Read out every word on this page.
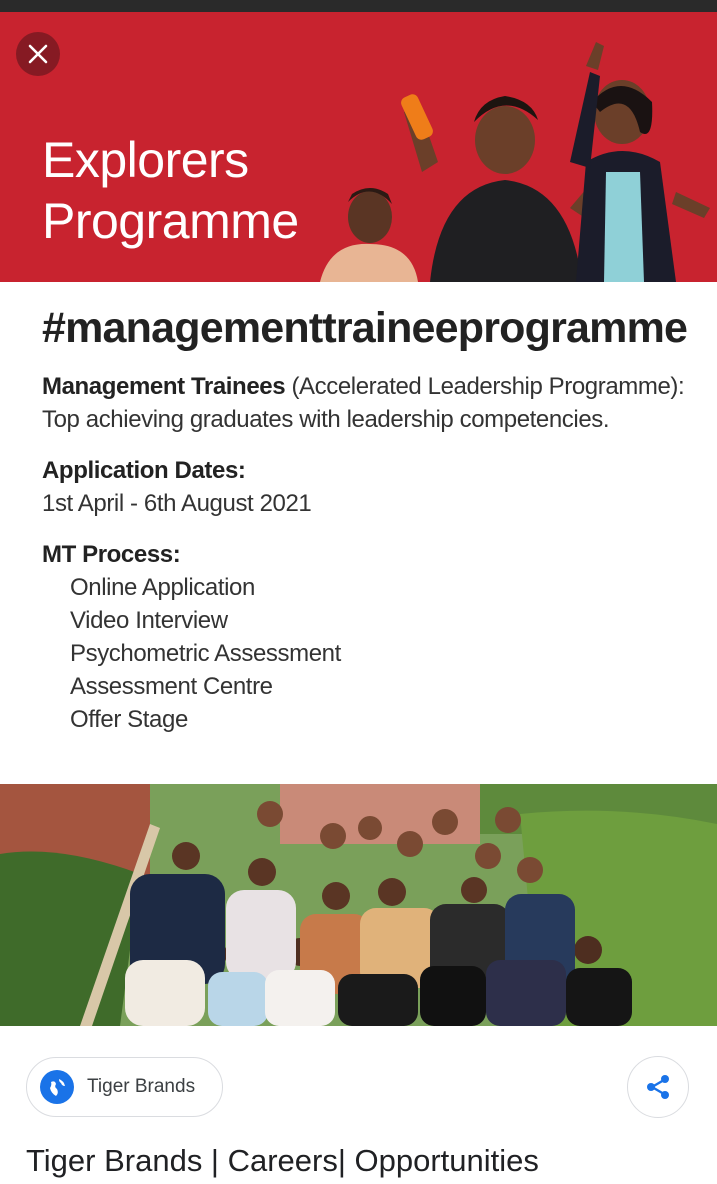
Explorers
Programme
#managementtraineeprogramme
Management Trainees (Accelerated Leadership Programme):
Top achieving graduates with leadership competencies.
Application Dates:
1st April - 6th August 2021
MT Process:
Online Application
Video Interview
Psychometric Assessment
Assessment Centre
Offer Stage
Tiger Brands
Tiger Brands | Careers| Opportunities
